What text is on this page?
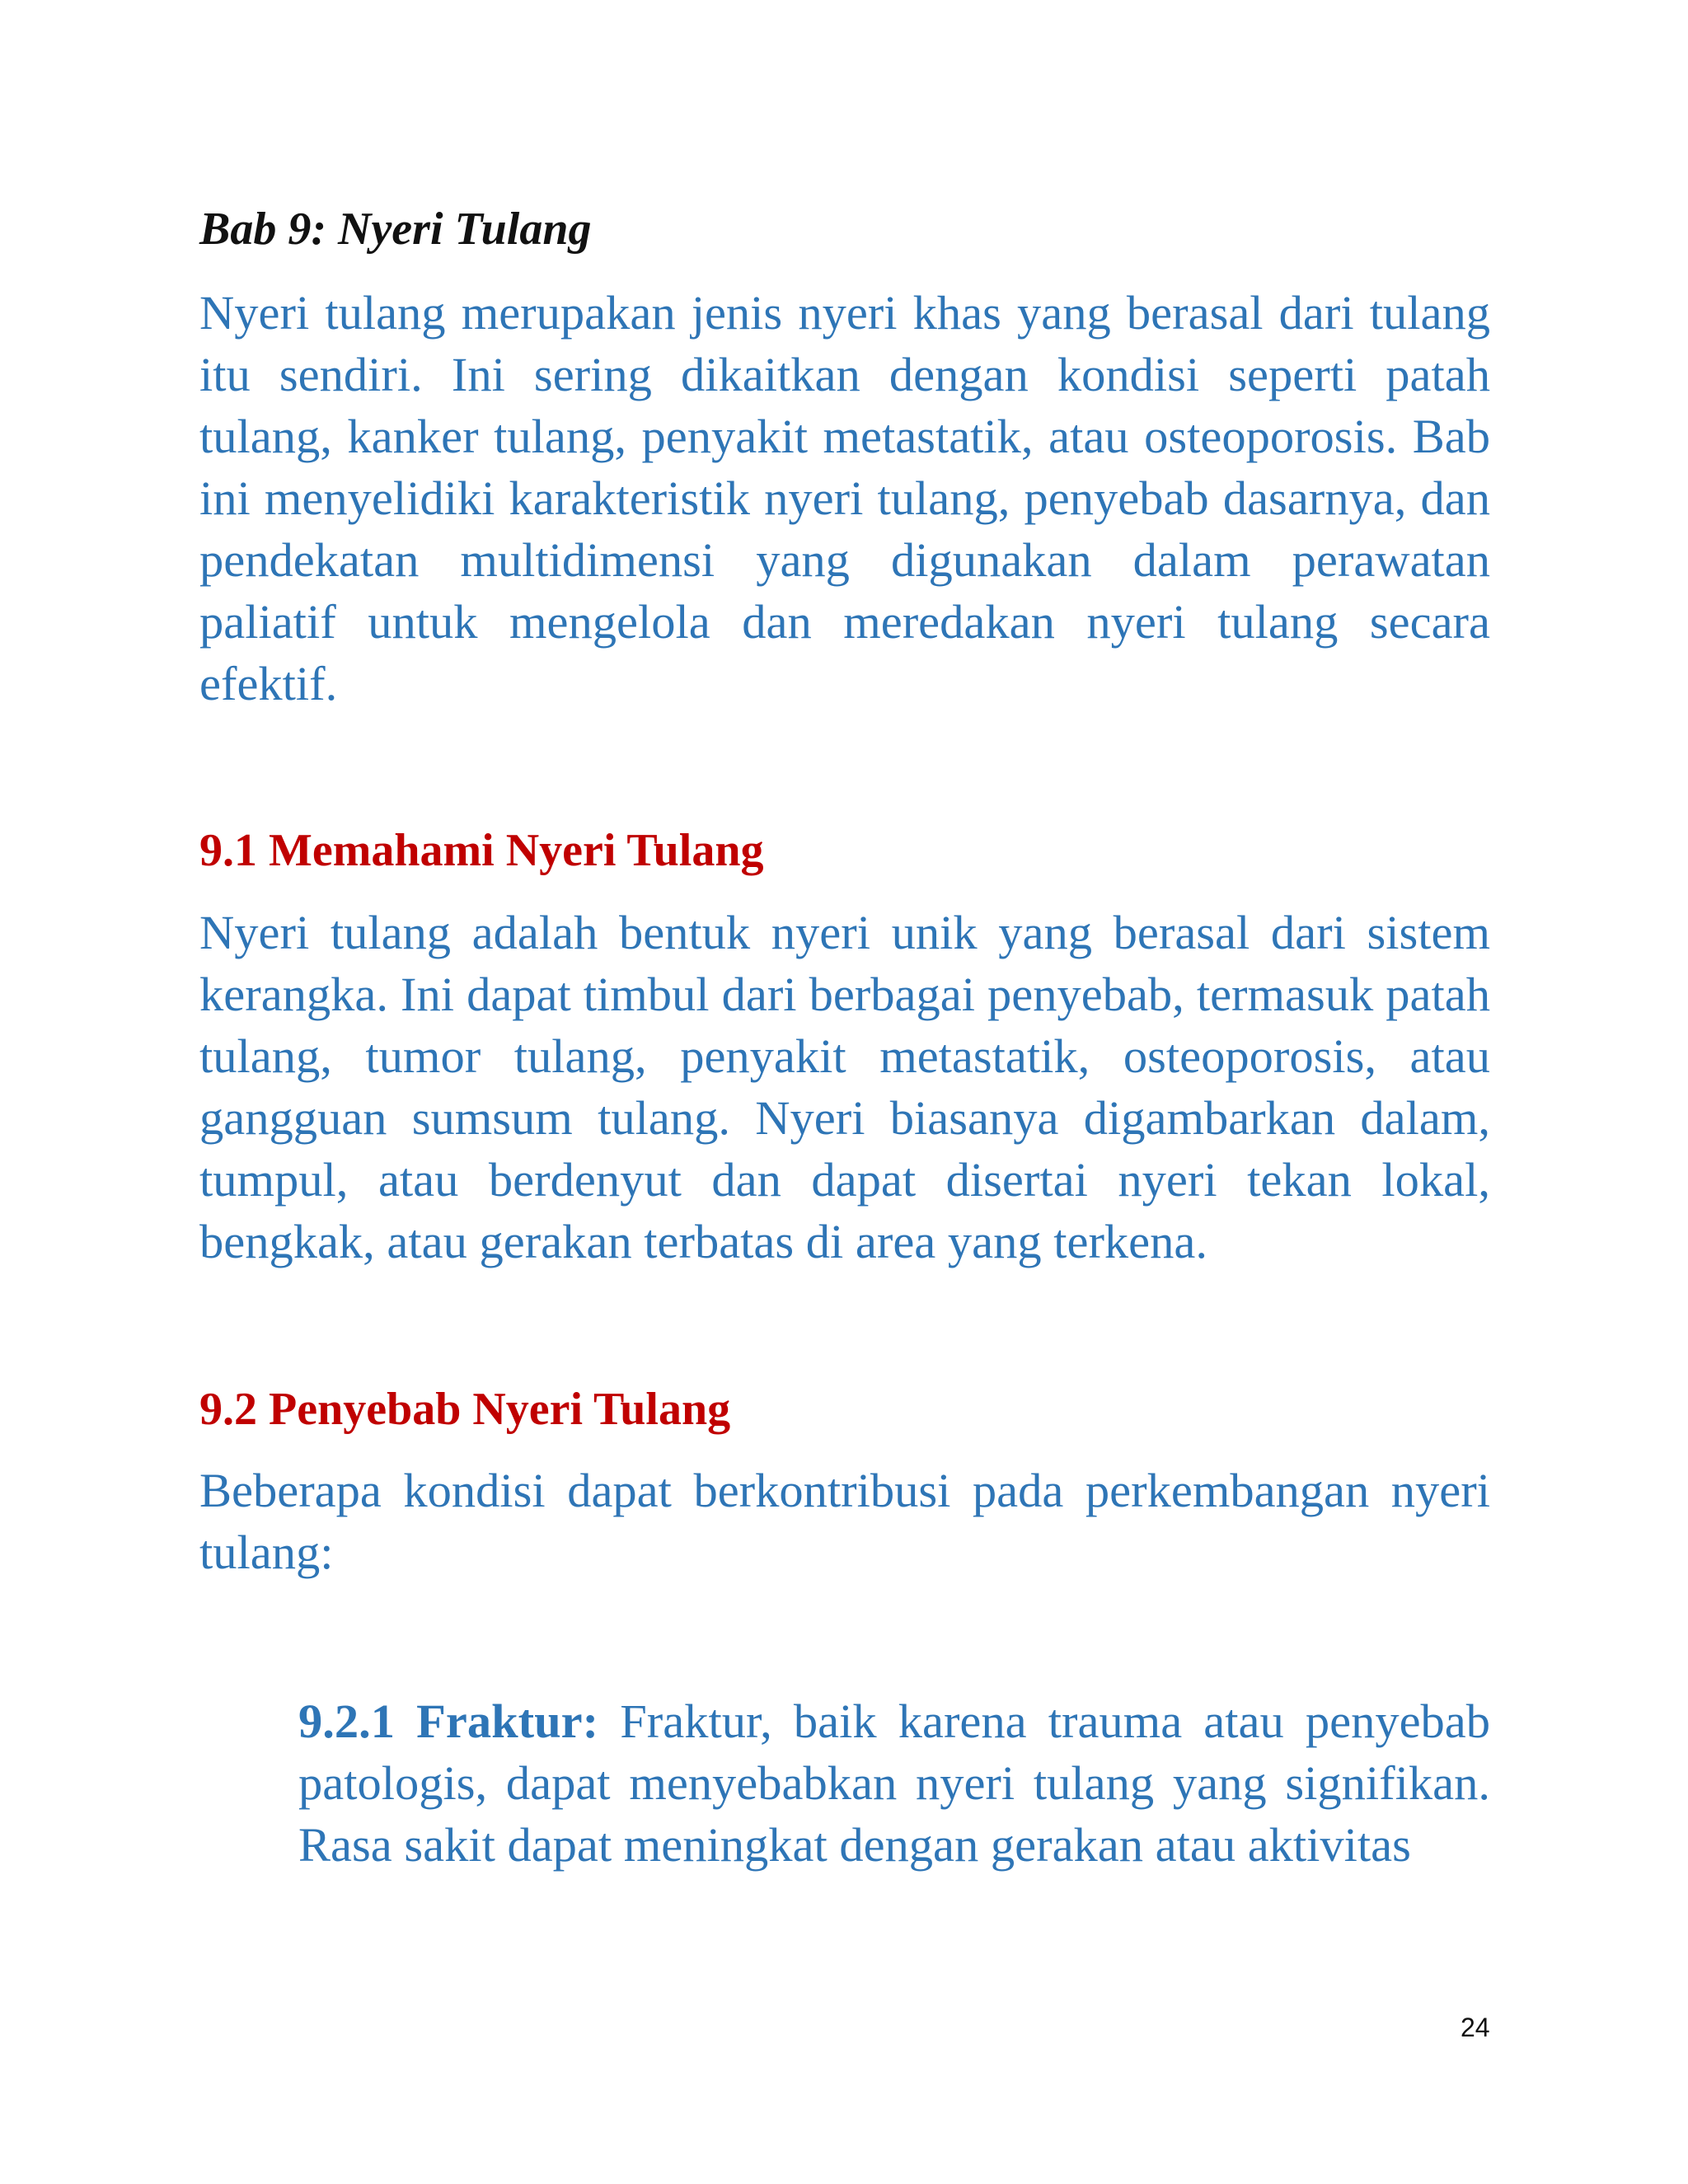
Bab 9: Nyeri Tulang

Nyeri tulang merupakan jenis nyeri khas yang berasal dari tulang itu sendiri. Ini sering dikaitkan dengan kondisi seperti patah tulang, kanker tulang, penyakit metastatik, atau osteoporosis. Bab ini menyelidiki karakteristik nyeri tulang, penyebab dasarnya, dan pendekatan multidimensi yang digunakan dalam perawatan paliatif untuk mengelola dan meredakan nyeri tulang secara efektif.

9.1 Memahami Nyeri Tulang

Nyeri tulang adalah bentuk nyeri unik yang berasal dari sistem kerangka. Ini dapat timbul dari berbagai penyebab, termasuk patah tulang, tumor tulang, penyakit metastatik, osteoporosis, atau gangguan sumsum tulang. Nyeri biasanya digambarkan dalam, tumpul, atau berdenyut dan dapat disertai nyeri tekan lokal, bengkak, atau gerakan terbatas di area yang terkena.

9.2 Penyebab Nyeri Tulang

Beberapa kondisi dapat berkontribusi pada perkembangan nyeri tulang:

9.2.1 Fraktur: Fraktur, baik karena trauma atau penyebab patologis, dapat menyebabkan nyeri tulang yang signifikan. Rasa sakit dapat meningkat dengan gerakan atau aktivitas

24
